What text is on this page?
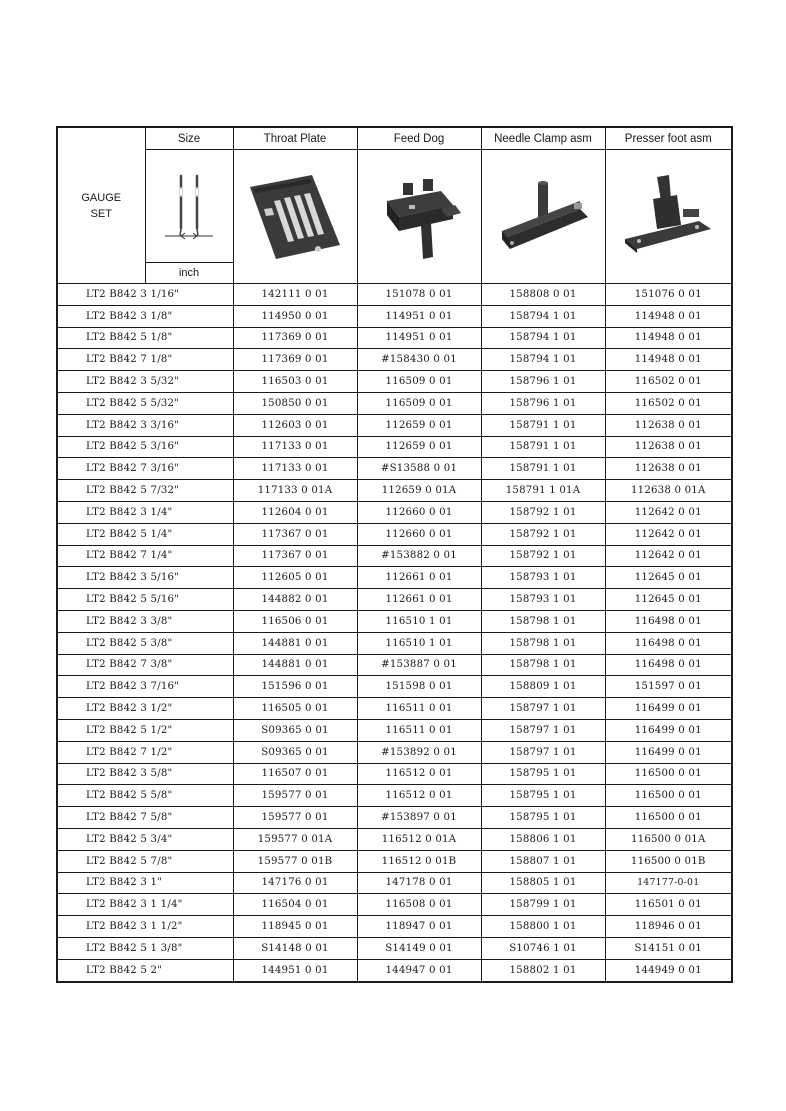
GAUGE SET	Size	Throat Plate	Feed Dog	Needle Clamp asm	Presser foot asm

	inch				
LT2 B842 3 1/16"		142111 0 01	151078 0 01	158808 0 01	151076 0 01
LT2 B842 3 1/8"		114950 0 01	114951 0 01	158794 1 01	114948 0 01
LT2 B842 5 1/8"		117369 0 01	114951 0 01	158794 1 01	114948 0 01
LT2 B842 7 1/8"		117369 0 01	#158430 0 01	158794 1 01	114948 0 01
LT2 B842 3 5/32"		116503 0 01	116509 0 01	158796 1 01	116502 0 01
LT2 B842 5 5/32"		150850 0 01	116509 0 01	158796 1 01	116502 0 01
LT2 B842 3 3/16"		112603 0 01	112659 0 01	158791 1 01	112638 0 01
LT2 B842 5 3/16"		117133 0 01	112659 0 01	158791 1 01	112638 0 01
LT2 B842 7 3/16"		117133 0 01	#S13588 0 01	158791 1 01	112638 0 01
LT2 B842 5 7/32"		117133 0 01A	112659 0 01A	158791 1 01A	112638 0 01A
LT2 B842 3 1/4"		112604 0 01	112660 0 01	158792 1 01	112642 0 01
LT2 B842 5 1/4"		117367 0 01	112660 0 01	158792 1 01	112642 0 01
LT2 B842 7 1/4"		117367 0 01	#153882 0 01	158792 1 01	112642 0 01
LT2 B842 3 5/16"		112605 0 01	112661 0 01	158793 1 01	112645 0 01
LT2 B842 5 5/16"		144882 0 01	112661 0 01	158793 1 01	112645 0 01
LT2 B842 3 3/8"		116506 0 01	116510 1 01	158798 1 01	116498 0 01
LT2 B842 5 3/8"		144881 0 01	116510 1 01	158798 1 01	116498 0 01
LT2 B842 7 3/8"		144881 0 01	#153887 0 01	158798 1 01	116498 0 01
LT2 B842 3 7/16"		151596 0 01	151598 0 01	158809 1 01	151597 0 01
LT2 B842 3 1/2"		116505 0 01	116511 0 01	158797 1 01	116499 0 01
LT2 B842 5 1/2"		S09365 0 01	116511 0 01	158797 1 01	116499 0 01
LT2 B842 7 1/2"		S09365 0 01	#153892 0 01	158797 1 01	116499 0 01
LT2 B842 3 5/8"		116507 0 01	116512 0 01	158795 1 01	116500 0 01
LT2 B842 5 5/8"		159577 0 01	116512 0 01	158795 1 01	116500 0 01
LT2 B842 7 5/8"		159577 0 01	#153897 0 01	158795 1 01	116500 0 01
LT2 B842 5 3/4"		159577 0 01A	116512 0 01A	158806 1 01	116500 0 01A
LT2 B842 5 7/8"		159577 0 01B	116512 0 01B	158807 1 01	116500 0 01B
LT2 B842 3 1"		147176 0 01	147178 0 01	158805 1 01	147177-0-01
LT2 B842 3 1 1/4"		116504 0 01	116508 0 01	158799 1 01	116501 0 01
LT2 B842 3 1 1/2"		118945 0 01	118947 0 01	158800 1 01	118946 0 01
LT2 B842 5 1 3/8"		S14148 0 01	S14149 0 01	S10746 1 01	S14151 0 01
LT2 B842 5 2"		144951 0 01	144947 0 01	158802 1 01	144949 0 01
